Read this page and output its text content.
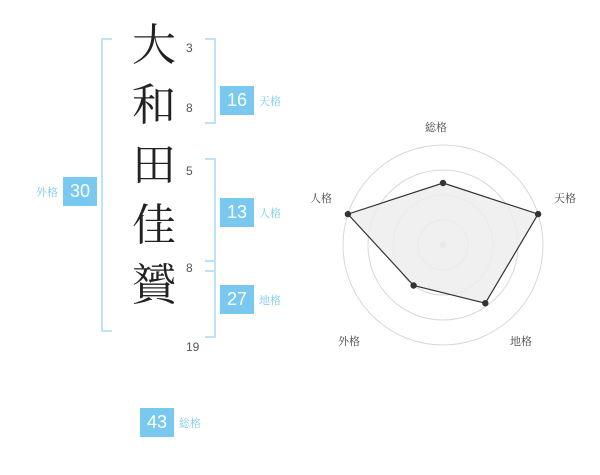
大
和
田
佳
贇
3
8
5
8
19
16	天格
13	人格
27	地格
外格 30
43	総格
総格
天格
地格
外格
人格
